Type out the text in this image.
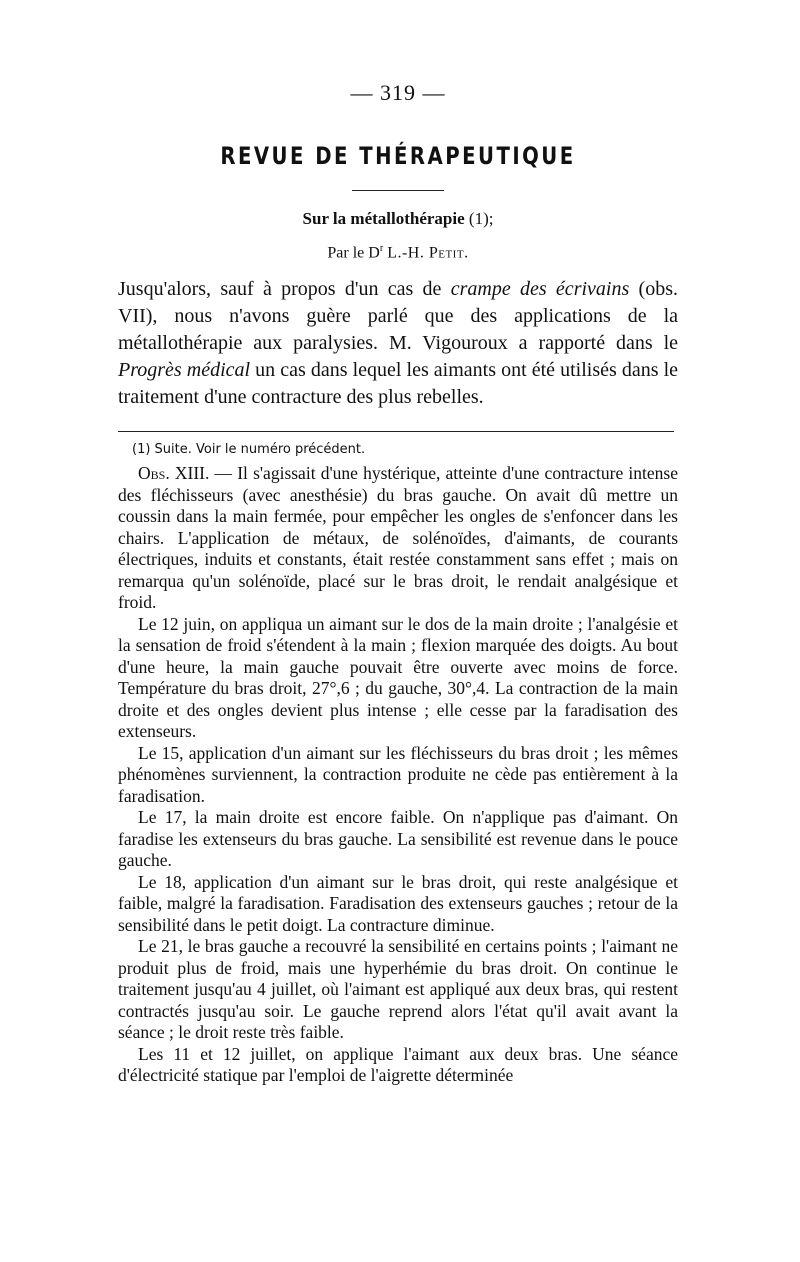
— 319 —
REVUE DE THÉRAPEUTIQUE
Sur la métallothérapie (1);
Par le $D^r$ L.-H. Petit.

Jusqu'alors, sauf à propos d'un cas de crampe des écrivains (obs. VII), nous n'avons guère parlé que des applications de la métallothérapie aux paralysies. M. Vigouroux a rapporté dans le Progrès médical un cas dans lequel les aimants ont été utilisés dans le traitement d'une contracture des plus rebelles.

(1) Suite. Voir le numéro précédent.

Obs. XIII. — Il s'agissait d'une hystérique, atteinte d'une contracture intense des fléchisseurs (avec anesthésie) du bras gauche. On avait dû mettre un coussin dans la main fermée, pour empêcher les ongles de s'enfoncer dans les chairs. L'application de métaux, de solénoïdes, d'aimants, de courants électriques, induits et constants, était restée constamment sans effet ; mais on remarqua qu'un solénoïde, placé sur le bras droit, le rendait analgésique et froid.

Le 12 juin, on appliqua un aimant sur le dos de la main droite ; l'analgésie et la sensation de froid s'étendent à la main ; flexion marquée des doigts. Au bout d'une heure, la main gauche pouvait être ouverte avec moins de force. Température du bras droit, 27°,6 ; du gauche, 30°,4. La contraction de la main droite et des ongles devient plus intense ; elle cesse par la faradisation des extenseurs.

Le 15, application d'un aimant sur les fléchisseurs du bras droit ; les mêmes phénomènes surviennent, la contraction produite ne cède pas entièrement à la faradisation.

Le 17, la main droite est encore faible. On n'applique pas d'aimant. On faradise les extenseurs du bras gauche. La sensibilité est revenue dans le pouce gauche.

Le 18, application d'un aimant sur le bras droit, qui reste analgésique et faible, malgré la faradisation. Faradisation des extenseurs gauches ; retour de la sensibilité dans le petit doigt. La contracture diminue.

Le 21, le bras gauche a recouvré la sensibilité en certains points ; l'aimant ne produit plus de froid, mais une hyperhémie du bras droit. On continue le traitement jusqu'au 4 juillet, où l'aimant est appliqué aux deux bras, qui restent contractés jusqu'au soir. Le gauche reprend alors l'état qu'il avait avant la séance ; le droit reste très faible.

Les 11 et 12 juillet, on applique l'aimant aux deux bras. Une séance d'électricité statique par l'emploi de l'aigrette déterminée
